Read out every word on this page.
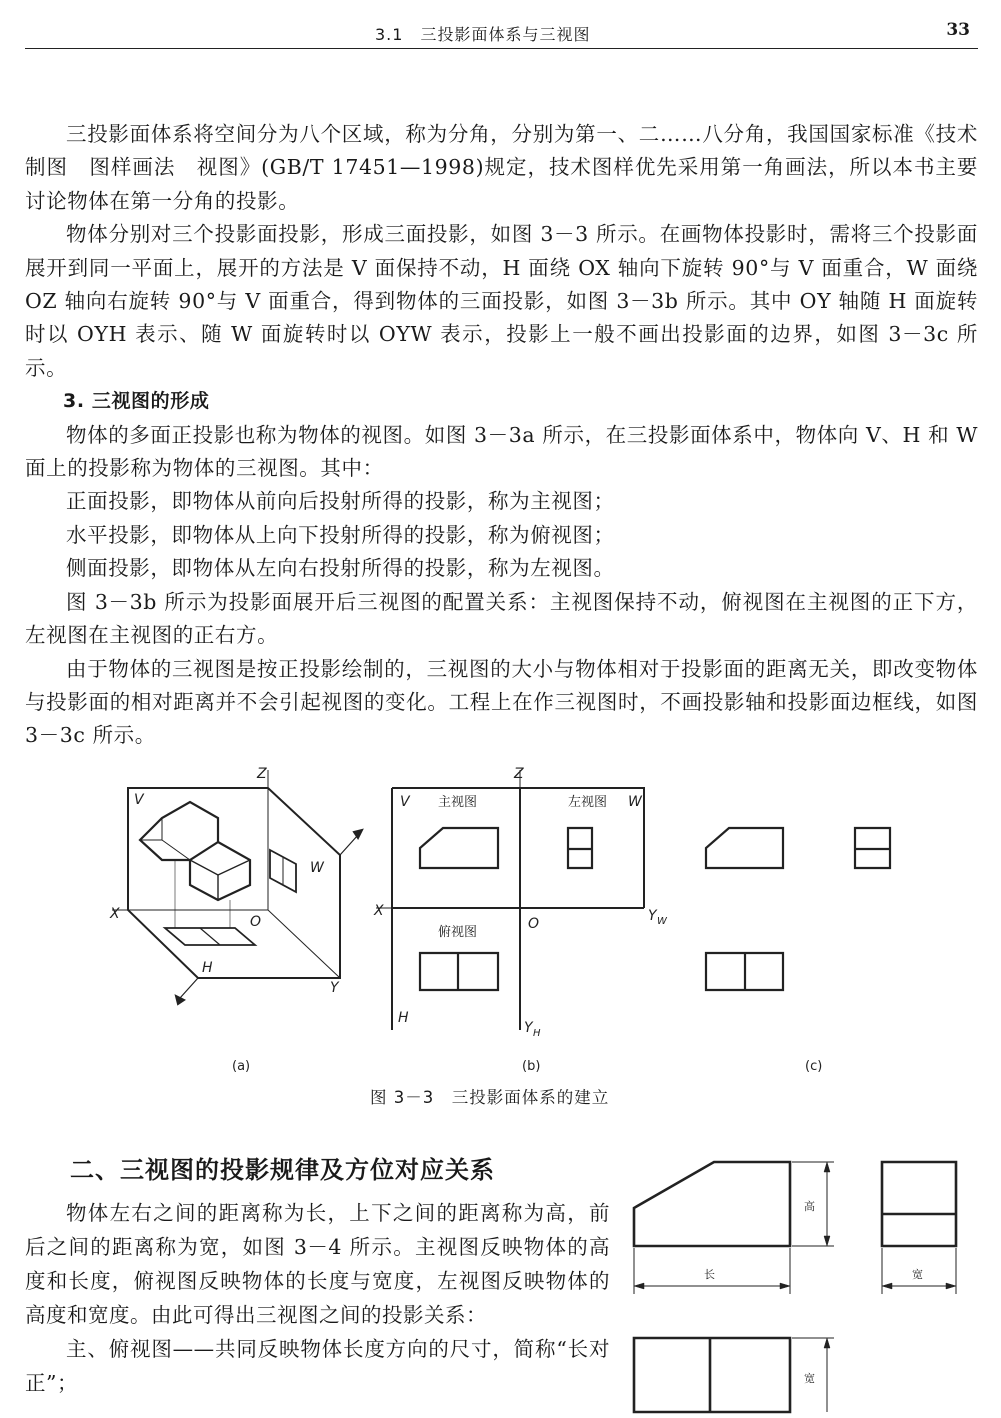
3.1　三投影面体系与三视图	33

三投影面体系将空间分为八个区域，称为分角，分别为第一、二……八分角，我国国家标准《技术制图　图样画法　视图》(GB/T 17451—1998)规定，技术图样优先采用第一角画法，所以本书主要讨论物体在第一分角的投影。

物体分别对三个投影面投影，形成三面投影，如图 3－3 所示。在画物体投影时，需将三个投影面展开到同一平面上，展开的方法是 V 面保持不动，H 面绕 OX 轴向下旋转 90°与 V 面重合，W 面绕 OZ 轴向右旋转 90°与 V 面重合，得到物体的三面投影，如图 3－3b 所示。其中 OY 轴随 H 面旋转时以 OYH 表示、随 W 面旋转时以 OYW 表示，投影上一般不画出投影面的边界，如图 3－3c 所示。

3. 三视图的形成

物体的多面正投影也称为物体的视图。如图 3－3a 所示，在三投影面体系中，物体向 V、H 和 W 面上的投影称为物体的三视图。其中：

正面投影，即物体从前向后投射所得的投影，称为主视图；

水平投影，即物体从上向下投射所得的投影，称为俯视图；

侧面投影，即物体从左向右投射所得的投影，称为左视图。

图 3－3b 所示为投影面展开后三视图的配置关系：主视图保持不动，俯视图在主视图的正下方，左视图在主视图的正右方。

由于物体的三视图是按正投影绘制的，三视图的大小与物体相对于投影面的距离无关，即改变物体与投影面的相对距离并不会引起视图的变化。工程上在作三视图时，不画投影轴和投影面边框线，如图 3－3c 所示。

V
Z
W
X	O
H
Y
V
Z
W
X
O
H
Y W
Y H
主视图	左视图
俯视图
(a)	(b)	(c)
图 3－3　三投影面体系的建立
二、三视图的投影规律及方位对应关系

物体左右之间的距离称为长，上下之间的距离称为高，前后之间的距离称为宽，如图 3－4 所示。主视图反映物体的高度和长度，俯视图反映物体的长度与宽度，左视图反映物体的高度和宽度。由此可得出三视图之间的投影关系：

主、俯视图——共同反映物体长度方向的尺寸，简称“长对正”；

高
长	宽
宽
